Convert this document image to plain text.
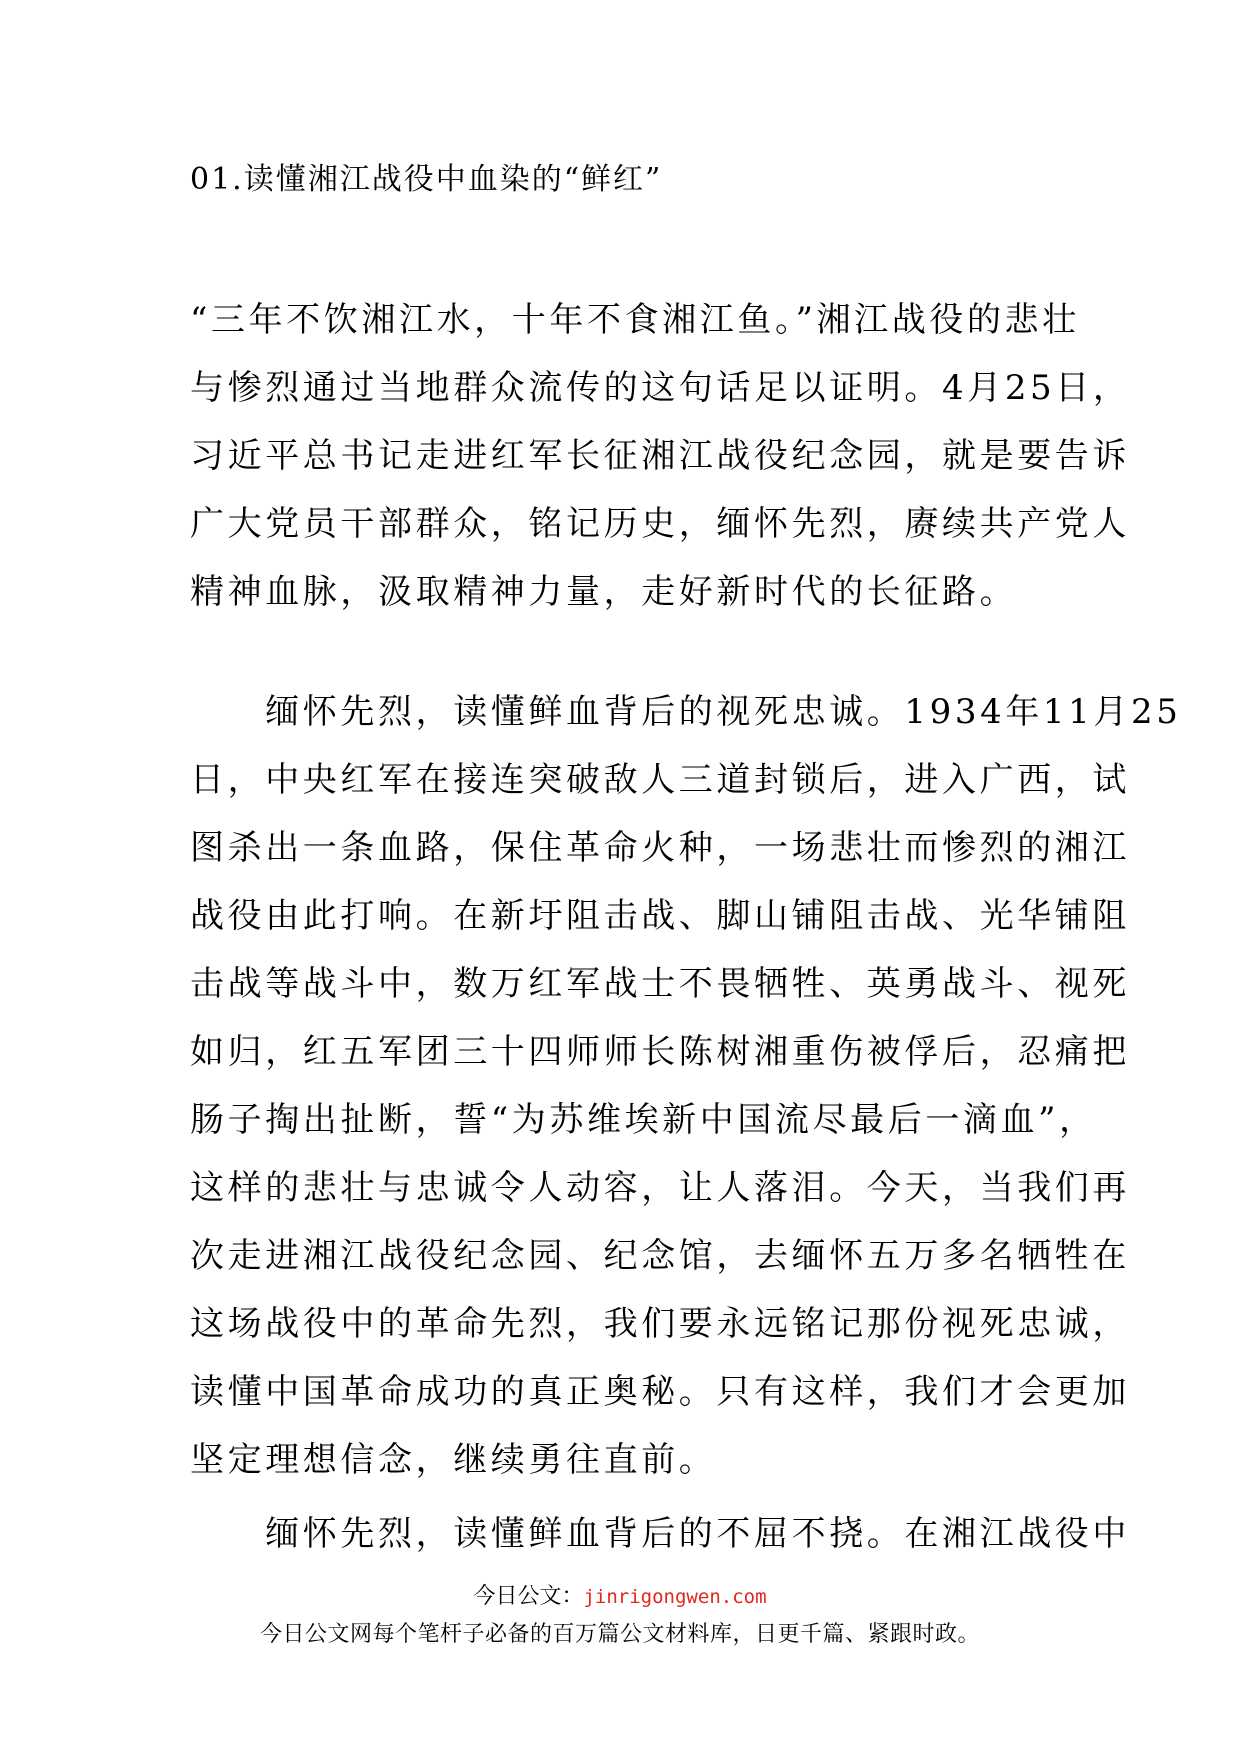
01.读懂湘江战役中血染的“鲜红”
“三年不饮湘江水，十年不食湘江鱼。”湘江战役的悲壮
与惨烈通过当地群众流传的这句话足以证明。4月25日，
习近平总书记走进红军长征湘江战役纪念园，就是要告诉
广大党员干部群众，铭记历史，缅怀先烈，赓续共产党人
精神血脉，汲取精神力量，走好新时代的长征路。
　　缅怀先烈，读懂鲜血背后的视死忠诚。1934年11月25
日，中央红军在接连突破敌人三道封锁后，进入广西，试
图杀出一条血路，保住革命火种，一场悲壮而惨烈的湘江
战役由此打响。在新圩阻击战、脚山铺阻击战、光华铺阻
击战等战斗中，数万红军战士不畏牺牲、英勇战斗、视死
如归，红五军团三十四师师长陈树湘重伤被俘后，忍痛把
肠子掏出扯断，誓“为苏维埃新中国流尽最后一滴血”，
这样的悲壮与忠诚令人动容，让人落泪。今天，当我们再
次走进湘江战役纪念园、纪念馆，去缅怀五万多名牺牲在
这场战役中的革命先烈，我们要永远铭记那份视死忠诚，
读懂中国革命成功的真正奥秘。只有这样，我们才会更加
坚定理想信念，继续勇往直前。
　　缅怀先烈，读懂鲜血背后的不屈不挠。在湘江战役中
今日公文：jinrigongwen.com
今日公文网每个笔杆子必备的百万篇公文材料库，日更千篇、紧跟时政。
